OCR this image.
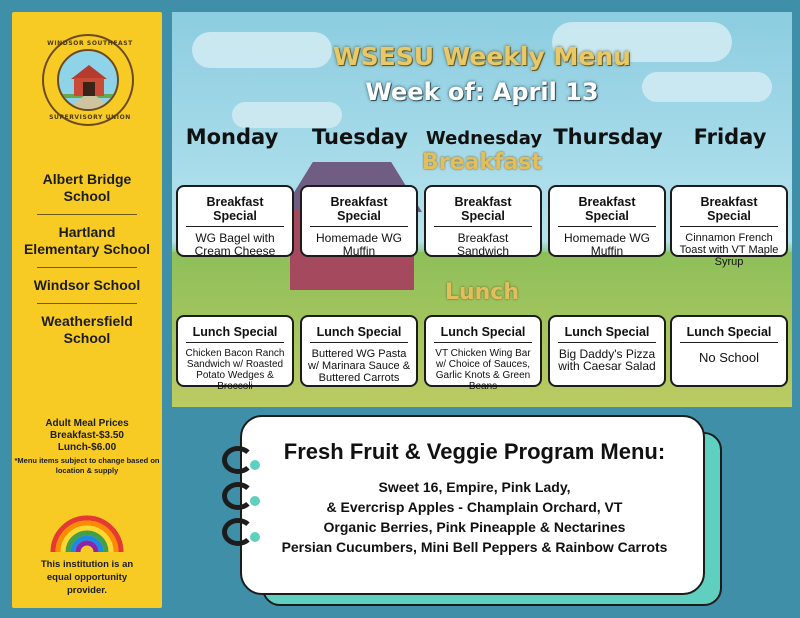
WINDSOR SOUTHEAST
SUPERVISORY UNION
Albert Bridge School
Hartland Elementary School
Windsor School
Weathersfield School
Adult Meal Prices
Breakfast-$3.50
Lunch-$6.00
*Menu items subject to change based on location & supply
This institution is an equal opportunity provider.
WSESU Weekly Menu
Week of: April 13
Monday	Tuesday Wednesday Thursday	Friday
Breakfast
Breakfast Special
WG Bagel with Cream Cheese
Breakfast Special
Homemade WG Muffin
Breakfast Special
Breakfast Sandwich
Breakfast Special
Homemade WG Muffin
Breakfast Special
Cinnamon French Toast with VT Maple Syrup
Lunch
Lunch Special
Chicken Bacon Ranch Sandwich w/ Roasted Potato Wedges & Broccoli
Lunch Special
Buttered WG Pasta w/ Marinara Sauce & Buttered Carrots
Lunch Special
VT Chicken Wing Bar w/ Choice of Sauces, Garlic Knots & Green Beans
Lunch Special
Big Daddy's Pizza with Caesar Salad
Lunch Special
No School
Fresh Fruit & Veggie Program Menu:
Sweet 16, Empire, Pink Lady,
& Evercrisp Apples - Champlain Orchard, VT
Organic Berries, Pink Pineapple & Nectarines
Persian Cucumbers, Mini Bell Peppers & Rainbow Carrots
